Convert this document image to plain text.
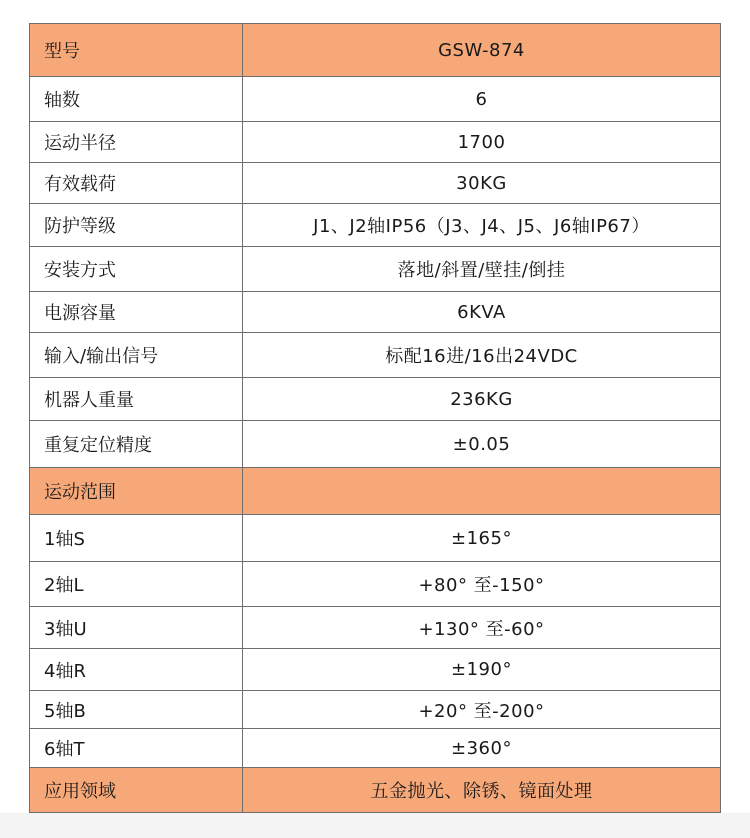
型号	GSW-874
轴数	6
运动半径	1700
有效载荷	30KG
防护等级	J1、J2轴IP56（J3、J4、J5、J6轴IP67）
安装方式	落地/斜置/壁挂/倒挂
电源容量	6KVA
输入/输出信号	标配16进/16出24VDC
机器人重量	236KG
重复定位精度	±0.05
运动范围	
1轴S	±165°
2轴L	+80° 至-150°
3轴U	+130° 至-60°
4轴R	±190°
5轴B	+20° 至-200°
6轴T	±360°
应用领域	五金抛光、除锈、镜面处理
